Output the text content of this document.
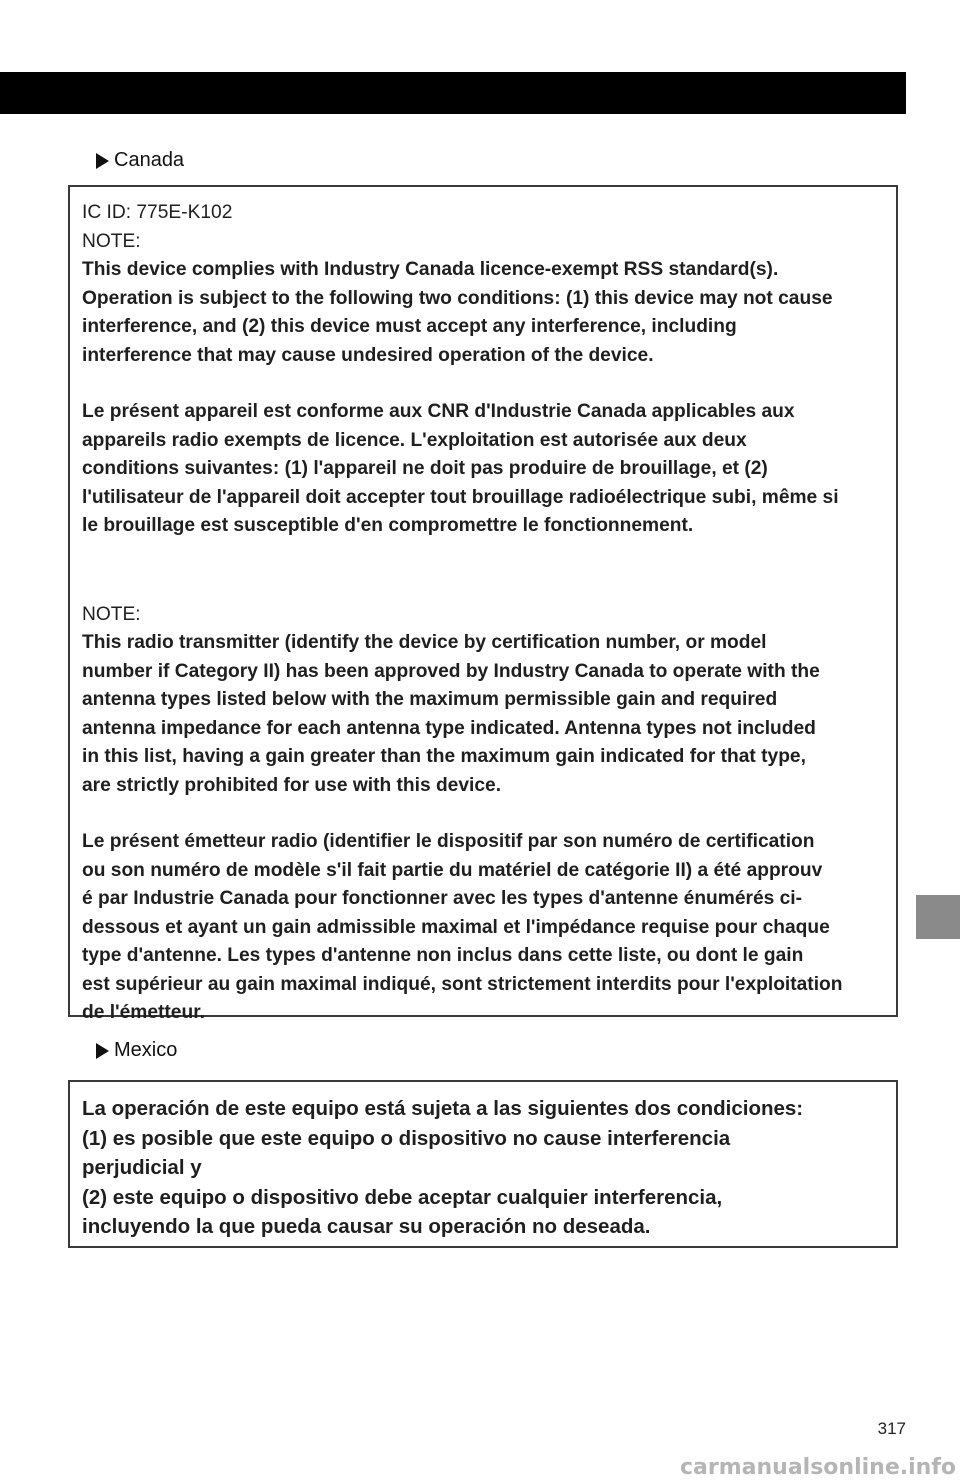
Canada

IC ID: 775E-K102

NOTE:

This device complies with Industry Canada licence-exempt RSS standard(s).

Operation is subject to the following two conditions: (1) this device may not cause

interference, and (2) this device must accept any interference, including

interference that may cause undesired operation of the device.

Le présent appareil est conforme aux CNR d'Industrie Canada applicables aux

appareils radio exempts de licence. L'exploitation est autorisée aux deux

conditions suivantes: (1) l'appareil ne doit pas produire de brouillage, et (2)

l'utilisateur de l'appareil doit accepter tout brouillage radioélectrique subi, même si

le brouillage est susceptible d'en compromettre le fonctionnement.

NOTE:

This radio transmitter (identify the device by certification number, or model

number if Category II) has been approved by Industry Canada to operate with the

antenna types listed below with the maximum permissible gain and required

antenna impedance for each antenna type indicated. Antenna types not included

in this list, having a gain greater than the maximum gain indicated for that type,

are strictly prohibited for use with this device.

Le présent émetteur radio (identifier le dispositif par son numéro de certification

ou son numéro de modèle s'il fait partie du matériel de catégorie II) a été approuv

é par Industrie Canada pour fonctionner avec les types d'antenne énumérés ci-

dessous et ayant un gain admissible maximal et l'impédance requise pour chaque

type d'antenne. Les types d'antenne non inclus dans cette liste, ou dont le gain

est supérieur au gain maximal indiqué, sont strictement interdits pour l'exploitation

de l'émetteur.

Mexico

La operación de este equipo está sujeta a las siguientes dos condiciones:

(1) es posible que este equipo o dispositivo no cause interferencia

perjudicial y

(2) este equipo o dispositivo debe aceptar cualquier interferencia,

incluyendo la que pueda causar su operación no deseada.

317
carmanualsonline.info
